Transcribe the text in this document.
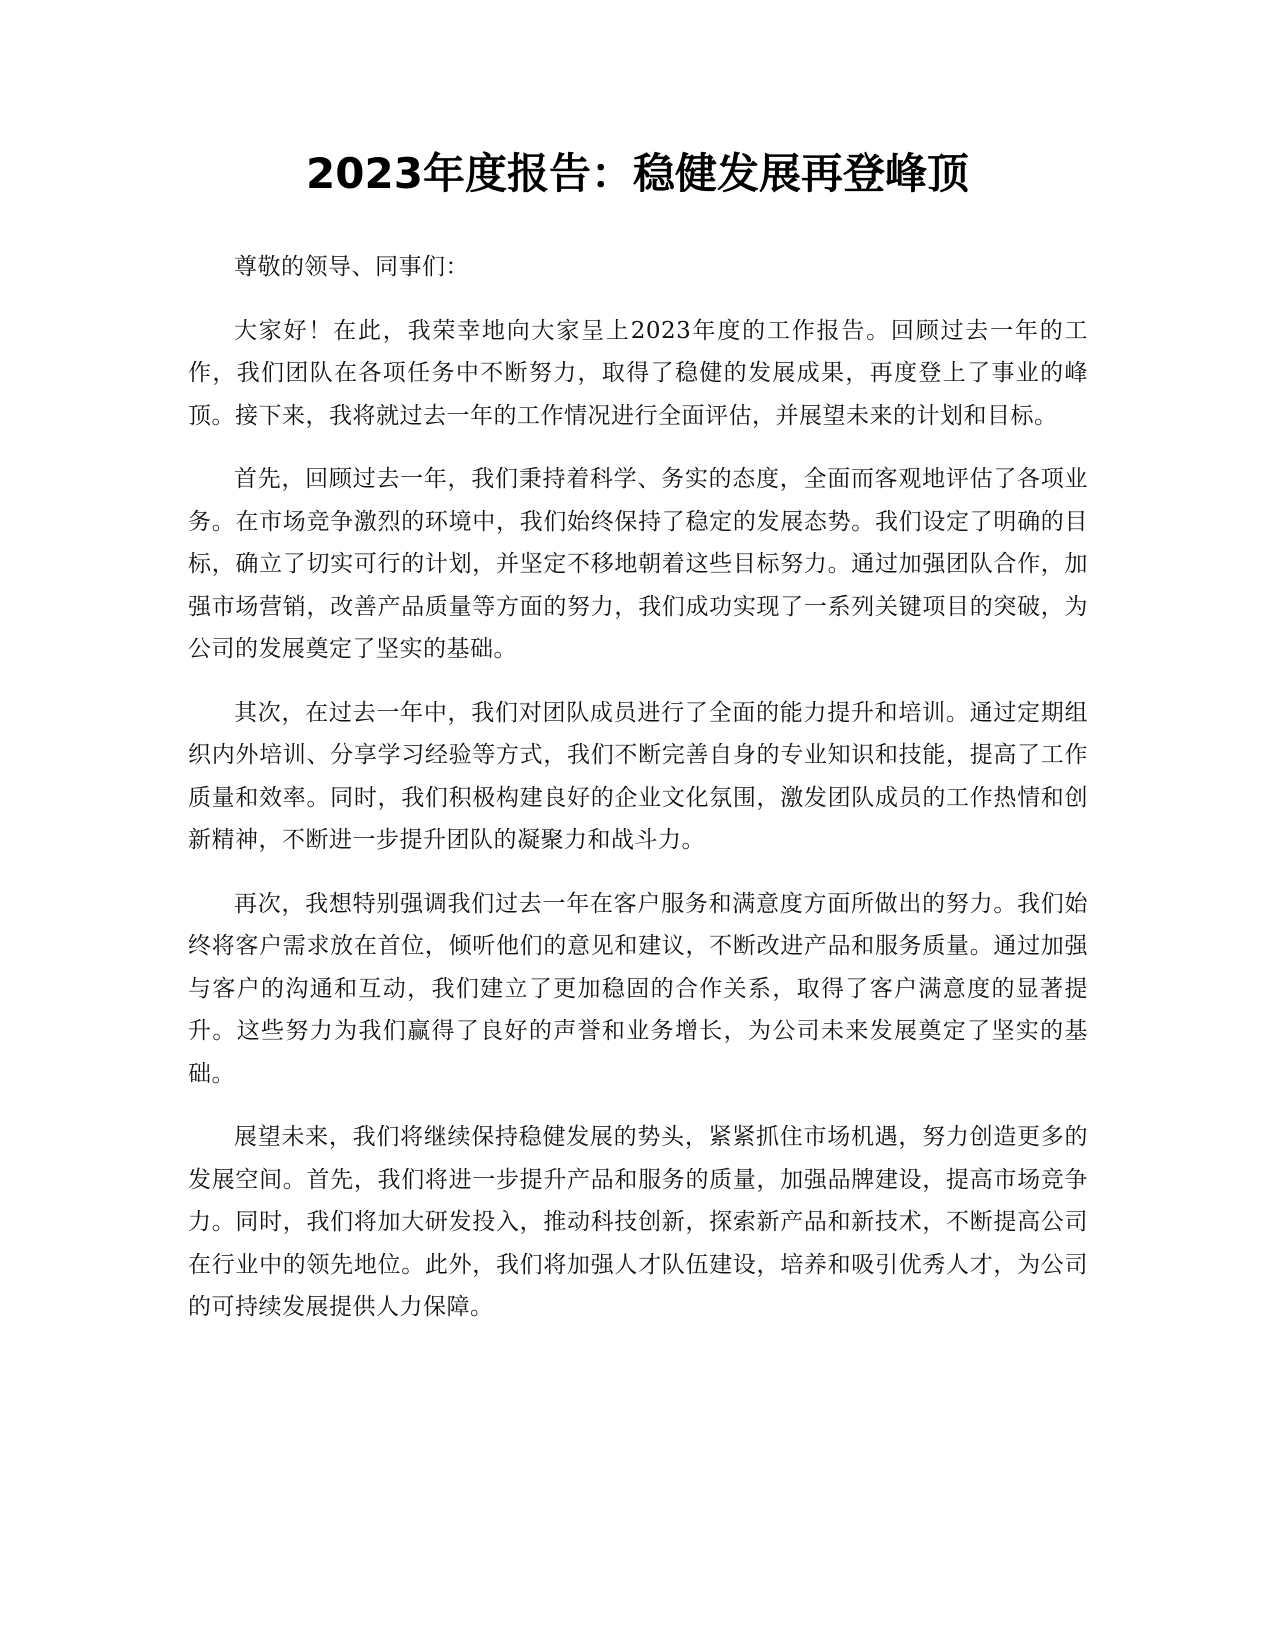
2023年度报告：稳健发展再登峰顶

尊敬的领导、同事们：

大家好！在此，我荣幸地向大家呈上2023年度的工作报告。回顾过去一年的工作，我们团队在各项任务中不断努力，取得了稳健的发展成果，再度登上了事业的峰顶。接下来，我将就过去一年的工作情况进行全面评估，并展望未来的计划和目标。

首先，回顾过去一年，我们秉持着科学、务实的态度，全面而客观地评估了各项业务。在市场竞争激烈的环境中，我们始终保持了稳定的发展态势。我们设定了明确的目标，确立了切实可行的计划，并坚定不移地朝着这些目标努力。通过加强团队合作，加强市场营销，改善产品质量等方面的努力，我们成功实现了一系列关键项目的突破，为公司的发展奠定了坚实的基础。

其次，在过去一年中，我们对团队成员进行了全面的能力提升和培训。通过定期组织内外培训、分享学习经验等方式，我们不断完善自身的专业知识和技能，提高了工作质量和效率。同时，我们积极构建良好的企业文化氛围，激发团队成员的工作热情和创新精神，不断进一步提升团队的凝聚力和战斗力。

再次，我想特别强调我们过去一年在客户服务和满意度方面所做出的努力。我们始终将客户需求放在首位，倾听他们的意见和建议，不断改进产品和服务质量。通过加强与客户的沟通和互动，我们建立了更加稳固的合作关系，取得了客户满意度的显著提升。这些努力为我们赢得了良好的声誉和业务增长，为公司未来发展奠定了坚实的基础。

展望未来，我们将继续保持稳健发展的势头，紧紧抓住市场机遇，努力创造更多的发展空间。首先，我们将进一步提升产品和服务的质量，加强品牌建设，提高市场竞争力。同时，我们将加大研发投入，推动科技创新，探索新产品和新技术，不断提高公司在行业中的领先地位。此外，我们将加强人才队伍建设，培养和吸引优秀人才，为公司的可持续发展提供人力保障。
